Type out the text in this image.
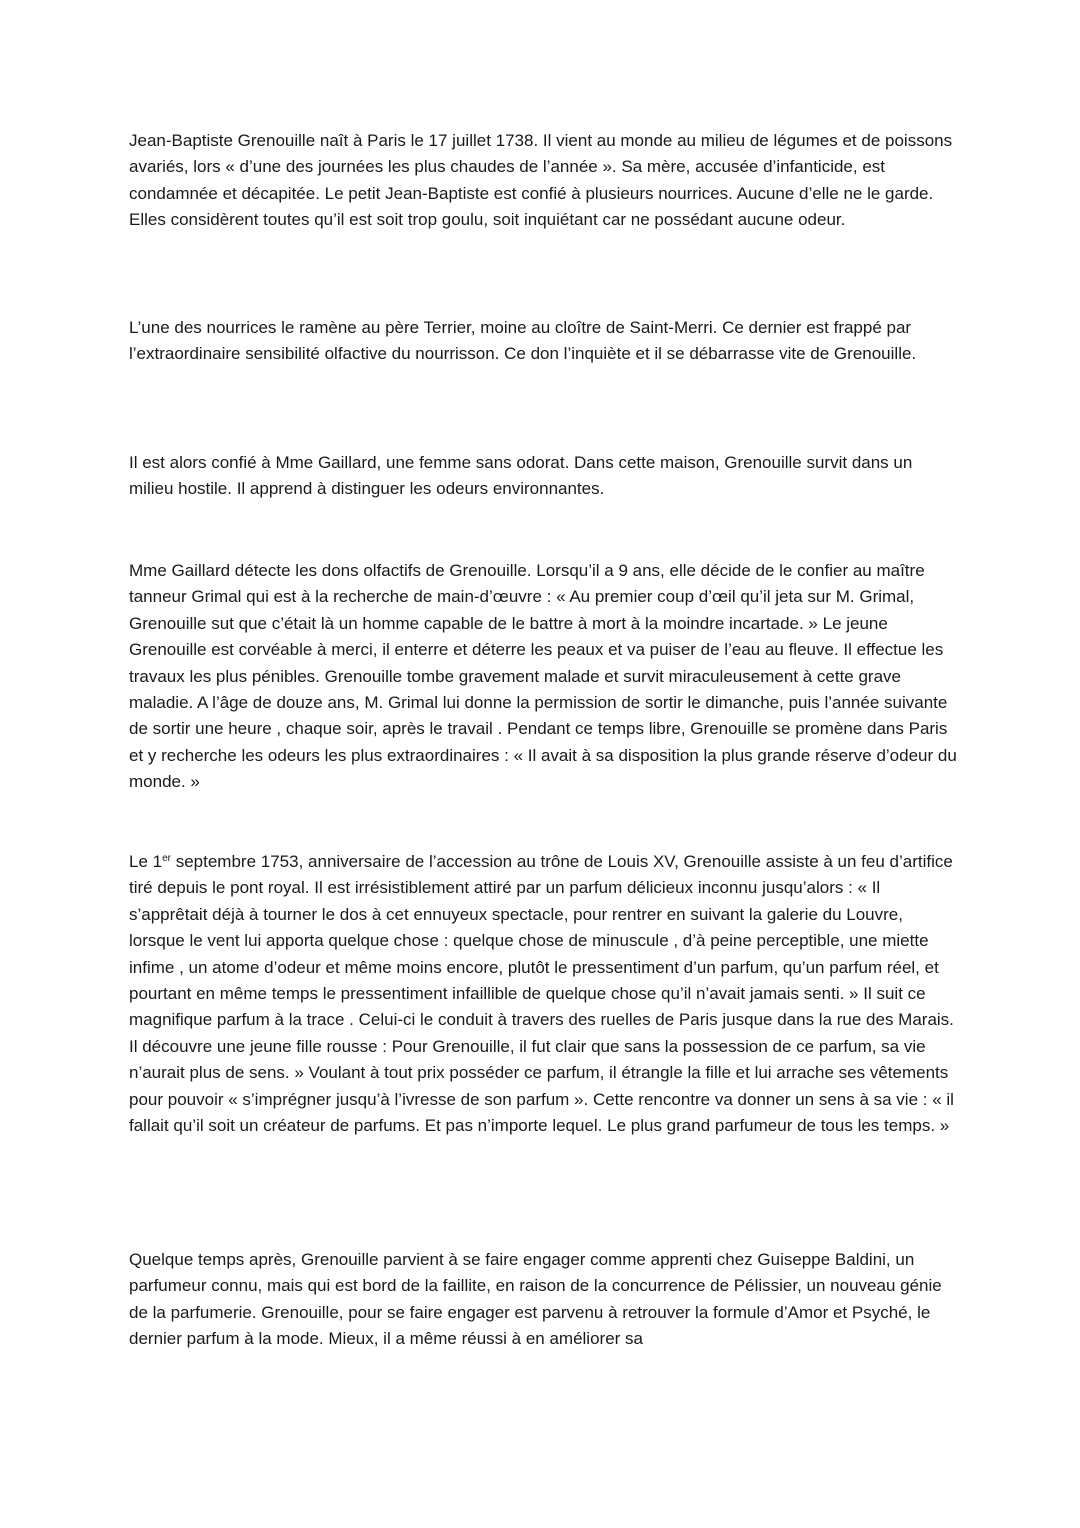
Jean-Baptiste Grenouille naît à Paris le 17 juillet 1738. Il vient au monde au milieu de légumes et de poissons avariés, lors « d’une des journées les plus chaudes de l’année ». Sa mère, accusée d’infanticide, est condamnée et décapitée. Le petit Jean-Baptiste est confié à plusieurs nourrices. Aucune d’elle ne le garde. Elles considèrent toutes qu’il est soit trop goulu, soit inquiétant car ne possédant aucune odeur.

L’une des nourrices le ramène au père Terrier, moine au cloître de Saint-Merri. Ce dernier est frappé par l’extraordinaire sensibilité olfactive du nourrisson. Ce don l’inquiète et il se débarrasse vite de Grenouille.

Il est alors confié à Mme Gaillard, une femme sans odorat. Dans cette maison, Grenouille survit dans un milieu hostile. Il apprend à distinguer les odeurs environnantes.

Mme Gaillard détecte les dons olfactifs de Grenouille. Lorsqu’il a 9 ans, elle décide de le confier au maître tanneur Grimal qui est à la recherche de main-d’œuvre : « Au premier coup d’œil qu’il jeta sur M. Grimal, Grenouille sut que c’était là un homme capable de le battre à mort à la moindre incartade. » Le jeune Grenouille est corvéable à merci, il enterre et déterre les peaux et va puiser de l’eau au fleuve. Il effectue les travaux les plus pénibles. Grenouille tombe gravement malade et survit miraculeusement à cette grave maladie. A l’âge de douze ans, M. Grimal lui donne la permission de sortir le dimanche, puis l’année suivante de sortir une heure , chaque soir, après le travail . Pendant ce temps libre, Grenouille se promène dans Paris et y recherche les odeurs les plus extraordinaires : « Il avait à sa disposition la plus grande réserve d’odeur du monde. »

Le 1er septembre 1753, anniversaire de l’accession au trône de Louis XV, Grenouille assiste à un feu d’artifice tiré depuis le pont royal. Il est irrésistiblement attiré par un parfum délicieux inconnu jusqu’alors : « Il s’apprêtait déjà à tourner le dos à cet ennuyeux spectacle, pour rentrer en suivant la galerie du Louvre, lorsque le vent lui apporta quelque chose : quelque chose de minuscule , d’à peine perceptible, une miette infime , un atome d’odeur et même moins encore, plutôt le pressentiment d’un parfum, qu’un parfum réel, et pourtant en même temps le pressentiment infaillible de quelque chose qu’il n’avait jamais senti. » Il suit ce magnifique parfum à la trace . Celui-ci le conduit à travers des ruelles de Paris jusque dans la rue des Marais. Il découvre une jeune fille rousse : Pour Grenouille, il fut clair que sans la possession de ce parfum, sa vie n’aurait plus de sens. » Voulant à tout prix posséder ce parfum, il étrangle la fille et lui arrache ses vêtements pour pouvoir « s’imprégner jusqu’à l’ivresse de son parfum ». Cette rencontre va donner un sens à sa vie : « il fallait qu’il soit un créateur de parfums. Et pas n’importe lequel. Le plus grand parfumeur de tous les temps. »

Quelque temps après, Grenouille parvient à se faire engager comme apprenti chez Guiseppe Baldini, un parfumeur connu, mais qui est bord de la faillite, en raison de la concurrence de Pélissier, un nouveau génie de la parfumerie. Grenouille, pour se faire engager est parvenu à retrouver la formule d’Amor et Psyché, le dernier parfum à la mode. Mieux, il a même réussi à en améliorer sa
